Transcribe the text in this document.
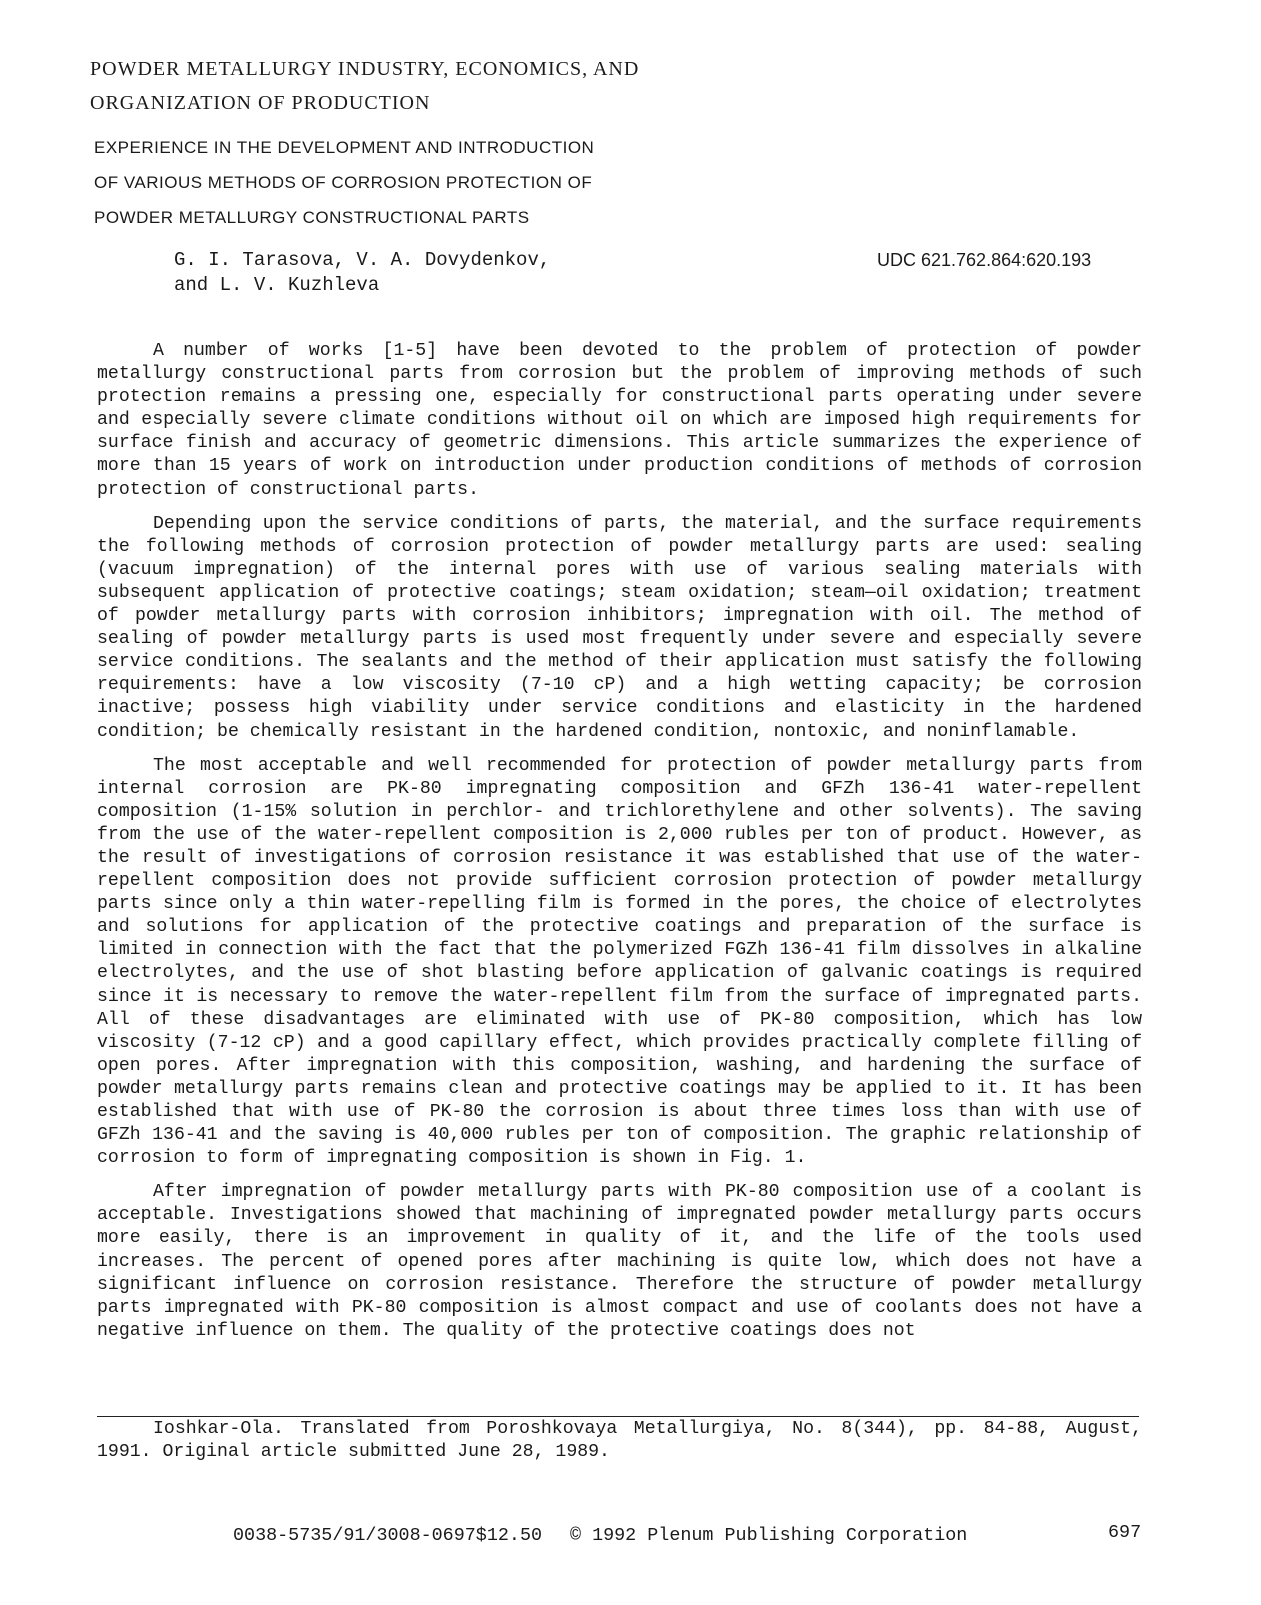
POWDER METALLURGY INDUSTRY, ECONOMICS, AND
ORGANIZATION OF PRODUCTION
EXPERIENCE IN THE DEVELOPMENT AND INTRODUCTION
OF VARIOUS METHODS OF CORROSION PROTECTION OF
POWDER METALLURGY CONSTRUCTIONAL PARTS
G. I. Tarasova, V. A. Dovydenkov,
and L. V. Kuzhleva
UDC 621.762.864:620.193

A number of works [1-5] have been devoted to the problem of protection of powder metallurgy constructional parts from corrosion but the problem of improving methods of such protection remains a pressing one, especially for constructional parts operating under severe and especially severe climate conditions without oil on which are imposed high requirements for surface finish and accuracy of geometric dimensions. This article summarizes the experience of more than 15 years of work on introduction under production conditions of methods of corrosion protection of constructional parts.

Depending upon the service conditions of parts, the material, and the surface requirements the following methods of corrosion protection of powder metallurgy parts are used: sealing (vacuum impregnation) of the internal pores with use of various sealing materials with subsequent application of protective coatings; steam oxidation; steam—oil oxidation; treatment of powder metallurgy parts with corrosion inhibitors; impregnation with oil. The method of sealing of powder metallurgy parts is used most frequently under severe and especially severe service conditions. The sealants and the method of their application must satisfy the following requirements: have a low viscosity (7-10 cP) and a high wetting capacity; be corrosion inactive; possess high viability under service conditions and elasticity in the hardened condition; be chemically resistant in the hardened condition, nontoxic, and noninflamable.

The most acceptable and well recommended for protection of powder metallurgy parts from internal corrosion are PK-80 impregnating composition and GFZh 136-41 water-repellent composition (1-15% solution in perchlor- and trichlorethylene and other solvents). The saving from the use of the water-repellent composition is 2,000 rubles per ton of product. However, as the result of investigations of corrosion resistance it was established that use of the water-repellent composition does not provide sufficient corrosion protection of powder metallurgy parts since only a thin water-repelling film is formed in the pores, the choice of electrolytes and solutions for application of the protective coatings and preparation of the surface is limited in connection with the fact that the polymerized FGZh 136-41 film dissolves in alkaline electrolytes, and the use of shot blasting before application of galvanic coatings is required since it is necessary to remove the water-repellent film from the surface of impregnated parts. All of these disadvantages are eliminated with use of PK-80 composition, which has low viscosity (7-12 cP) and a good capillary effect, which provides practically complete filling of open pores. After impregnation with this composition, washing, and hardening the surface of powder metallurgy parts remains clean and protective coatings may be applied to it. It has been established that with use of PK-80 the corrosion is about three times loss than with use of GFZh 136-41 and the saving is 40,000 rubles per ton of composition. The graphic relationship of corrosion to form of impregnating composition is shown in Fig. 1.

After impregnation of powder metallurgy parts with PK-80 composition use of a coolant is acceptable. Investigations showed that machining of impregnated powder metallurgy parts occurs more easily, there is an improvement in quality of it, and the life of the tools used increases. The percent of opened pores after machining is quite low, which does not have a significant influence on corrosion resistance. Therefore the structure of powder metallurgy parts impregnated with PK-80 composition is almost compact and use of coolants does not have a negative influence on them. The quality of the protective coatings does not

Ioshkar-Ola. Translated from Poroshkovaya Metallurgiya, No. 8(344), pp. 84-88, August, 1991. Original article submitted June 28, 1989.

0038-5735/91/3008-0697$12.50 © 1992 Plenum Publishing Corporation	697
